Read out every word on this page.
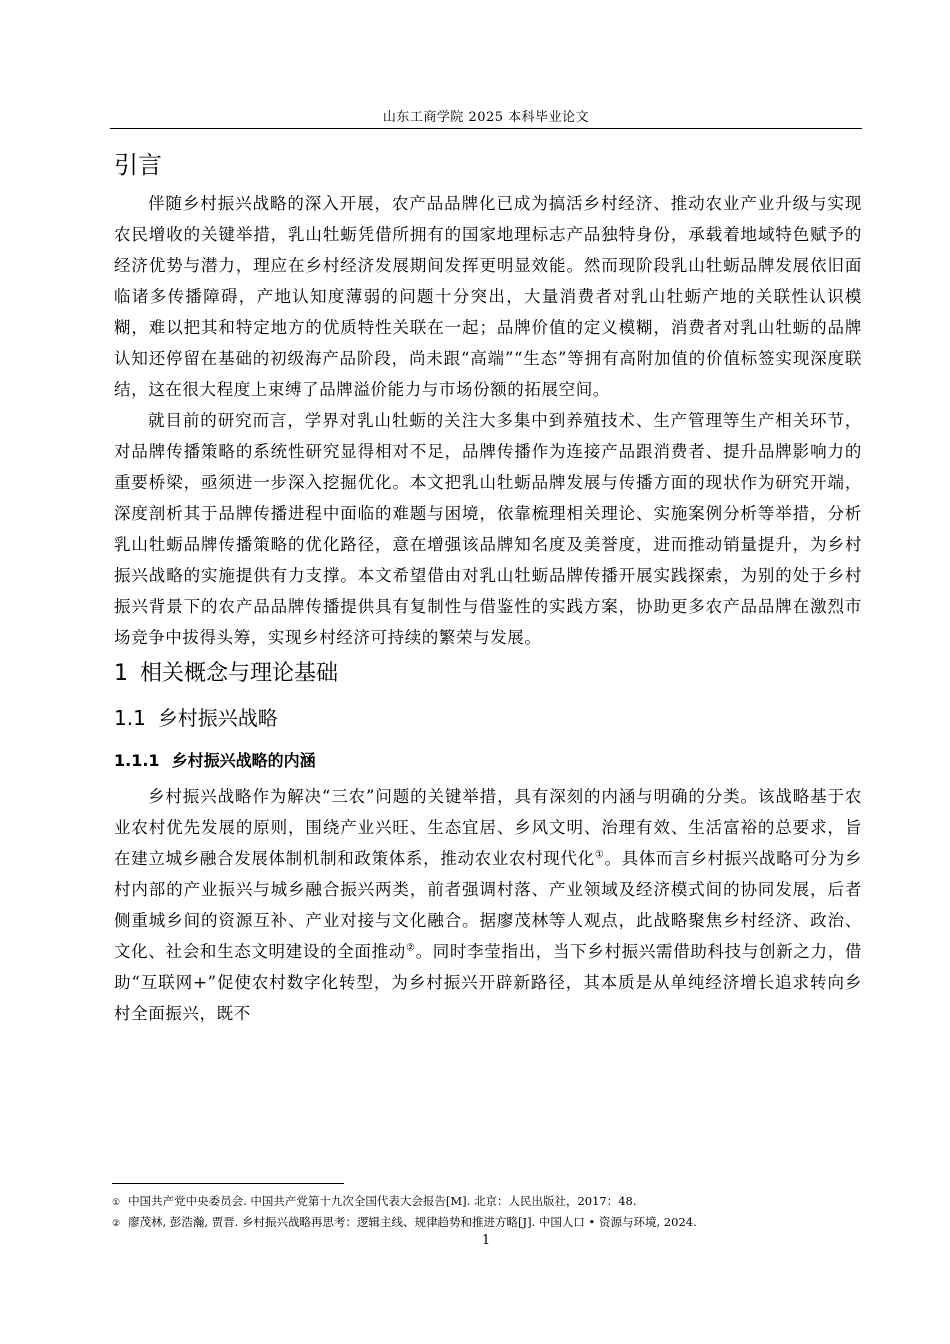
山东工商学院 2025 本科毕业论文
引言

伴随乡村振兴战略的深入开展，农产品品牌化已成为搞活乡村经济、推动农业产业升级与实现农民增收的关键举措，乳山牡蛎凭借所拥有的国家地理标志产品独特身份，承载着地域特色赋予的经济优势与潜力，理应在乡村经济发展期间发挥更明显效能。然而现阶段乳山牡蛎品牌发展依旧面临诸多传播障碍，产地认知度薄弱的问题十分突出，大量消费者对乳山牡蛎产地的关联性认识模糊，难以把其和特定地方的优质特性关联在一起；品牌价值的定义模糊，消费者对乳山牡蛎的品牌认知还停留在基础的初级海产品阶段，尚未跟“高端”“生态”等拥有高附加值的价值标签实现深度联结，这在很大程度上束缚了品牌溢价能力与市场份额的拓展空间。

就目前的研究而言，学界对乳山牡蛎的关注大多集中到养殖技术、生产管理等生产相关环节，对品牌传播策略的系统性研究显得相对不足，品牌传播作为连接产品跟消费者、提升品牌影响力的重要桥梁，亟须进一步深入挖掘优化。本文把乳山牡蛎品牌发展与传播方面的现状作为研究开端，深度剖析其于品牌传播进程中面临的难题与困境，依靠梳理相关理论、实施案例分析等举措，分析乳山牡蛎品牌传播策略的优化路径，意在增强该品牌知名度及美誉度，进而推动销量提升，为乡村振兴战略的实施提供有力支撑。本文希望借由对乳山牡蛎品牌传播开展实践探索，为别的处于乡村振兴背景下的农产品品牌传播提供具有复制性与借鉴性的实践方案，协助更多农产品品牌在激烈市场竞争中拔得头筹，实现乡村经济可持续的繁荣与发展。

1 相关概念与理论基础
1.1 乡村振兴战略
1.1.1 乡村振兴战略的内涵

乡村振兴战略作为解决“三农”问题的关键举措，具有深刻的内涵与明确的分类。该战略基于农业农村优先发展的原则，围绕产业兴旺、生态宜居、乡风文明、治理有效、生活富裕的总要求，旨在建立城乡融合发展体制机制和政策体系，推动农业农村现代化①。具体而言乡村振兴战略可分为乡村内部的产业振兴与城乡融合振兴两类，前者强调村落、产业领域及经济模式间的协同发展，后者侧重城乡间的资源互补、产业对接与文化融合。据廖茂林等人观点，此战略聚焦乡村经济、政治、文化、社会和生态文明建设的全面推动②。同时李莹指出，当下乡村振兴需借助科技与创新之力，借助“互联网+”促使农村数字化转型，为乡村振兴开辟新路径，其本质是从单纯经济增长追求转向乡村全面振兴，既不

① 中国共产党中央委员会. 中国共产党第十九次全国代表大会报告[M]. 北京：人民出版社，2017：48.
② 廖茂林, 彭浩瀚, 贾晋. 乡村振兴战略再思考：逻辑主线、规律趋势和推进方略[J]. 中国人口 • 资源与环境, 2024.
1
